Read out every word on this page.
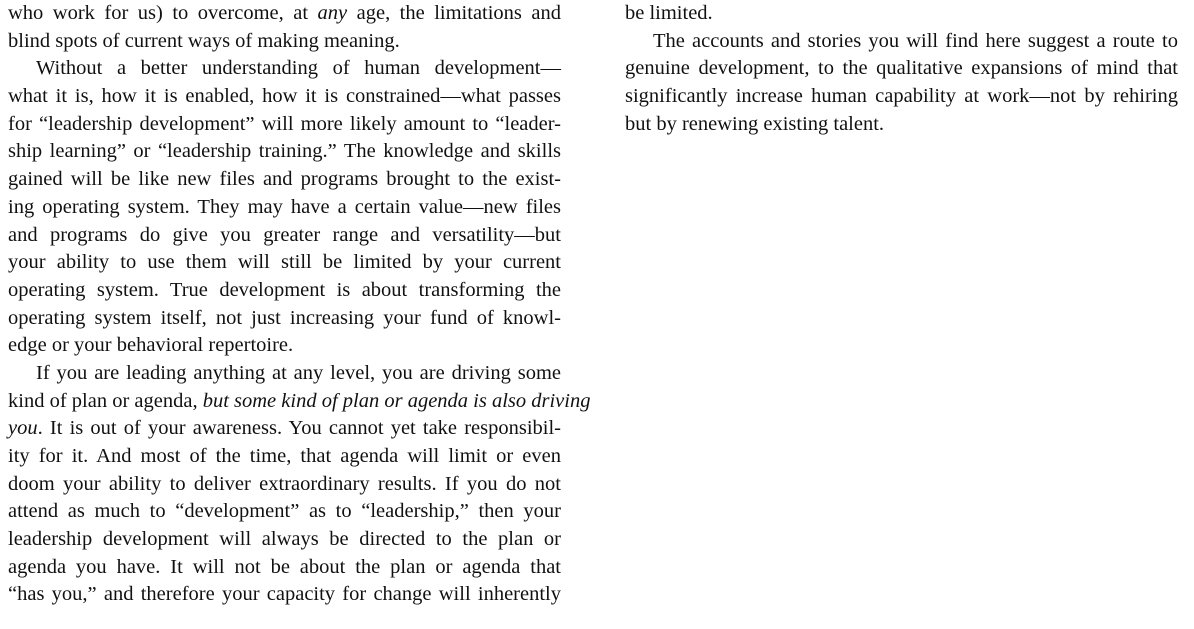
who work for us) to overcome, at any age, the limitations and
blind spots of current ways of making meaning.
Without a better understanding of human development—
what it is, how it is enabled, how it is constrained—what passes
for “leadership development” will more likely amount to “leader-
ship learning” or “leadership training.” The knowledge and skills
gained will be like new files and programs brought to the exist-
ing operating system. They may have a certain value—new files
and programs do give you greater range and versatility—but
your ability to use them will still be limited by your current
operating system. True development is about transforming the
operating system itself, not just increasing your fund of knowl-
edge or your behavioral repertoire.
If you are leading anything at any level, you are driving some
kind of plan or agenda, but some kind of plan or agenda is also driving
you. It is out of your awareness. You cannot yet take responsibil-
ity for it. And most of the time, that agenda will limit or even
doom your ability to deliver extraordinary results. If you do not
attend as much to “development” as to “leadership,” then your
leadership development will always be directed to the plan or
agenda you have. It will not be about the plan or agenda that
“has you,” and therefore your capacity for change will inherently
be limited.
The accounts and stories you will find here suggest a route to
genuine development, to the qualitative expansions of mind that
significantly increase human capability at work—not by rehiring
but by renewing existing talent.
